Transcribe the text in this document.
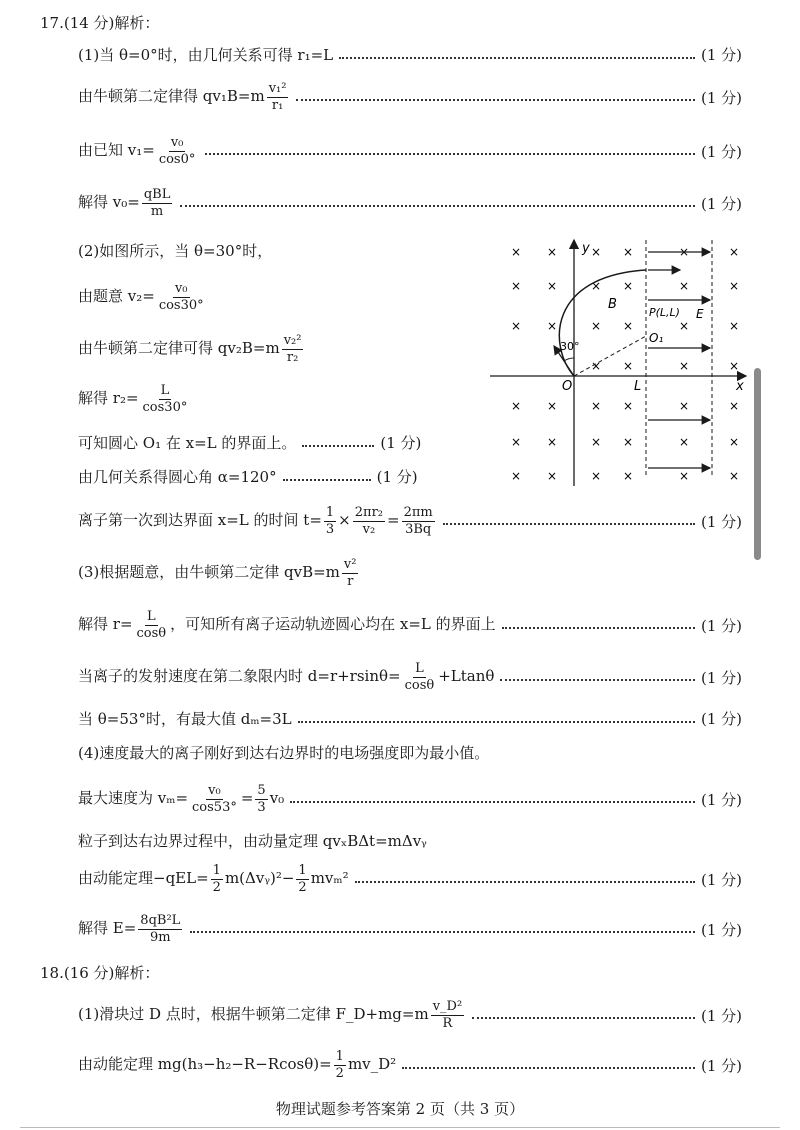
17.(14 分)解析：
(1)当 θ=0°时，由几何关系可得 r₁=L	(1 分)
由牛顿第二定律得 $qv_1B=m \frac{\text{v₁²}}{\text{r₁}}$	(1 分)
由已知 $v_1= \frac{\text{v₀}}{\cos 0^\circ}$	(1 分)
解得 $v_0= \frac{\text{qBL}}{m}$	(1 分)
(2)如图所示，当 θ=30°时，
由题意 $v_2= \frac{\text{v₀}}{\cos 30^\circ}$
由牛顿第二定律可得 $qv_2B=m \frac{\text{v₂²}}{\text{r₂}}$
解得 $r_2= \frac{L}{\cos 30^\circ}$
可知圆心 O₁ 在 x=L 的界面上。	(1 分)
由几何关系得圆心角 α=120°	(1 分)
离子第一次到达界面 x=L 的时间 $t= \frac{1}{3} \times \frac{\text{2πr₂}}{\text{v₂}} = \frac{2\pi m}{3Bq}$	(1 分)
(3)根据题意，由牛顿第二定律 $qvB=m \frac{\text{v²}}{r}$
解得 $r= \frac{L}{\cos\theta}$ ，可知所有离子运动轨迹圆心均在 x=L 的界面上	(1 分)
当离子的发射速度在第二象限内时 $d=r+rsin\theta= \frac{L}{\cos\theta} +Ltan\theta$	(1 分)
当 θ=53°时，有最大值 dₘ=3L	(1 分)
(4)速度最大的离子刚好到达右边界时的电场强度即为最小值。
最大速度为 $v_m= \frac{\text{v₀}}{\cos 53^\circ} = \frac{5}{3} v_0$	(1 分)
粒子到达右边界过程中，由动量定理 qvₓBΔt=mΔvᵧ
由动能定理$-qEL= \frac{1}{2}$ m(Δvᵧ)²− $\frac{1}{2} mv_m^2$	(1 分)
解得 $E= \frac{\text{8qB²L}}{9m}$	(1 分)
18.(16 分)解析：
(1)滑块过 D 点时，根据牛顿第二定律 F_D+mg=m $\frac{\text{v\_D²}}{R}$	(1 分)
由动能定理 $mg(h_3-h_2-R-Rcos\theta)= \frac{1}{2}$ mv_D²	(1 分)
× ×	× ×	×	×
× ×	× ×	×	×
× ×	× ×	×	×
× ×	×	×
× ×	× ×	×	×
× ×	× ×	×	×
× ×	× ×	×	×
y
x
O	L
B
P(L,L) E
O₁
30°
物理试题参考答案第 2 页（共 3 页）
